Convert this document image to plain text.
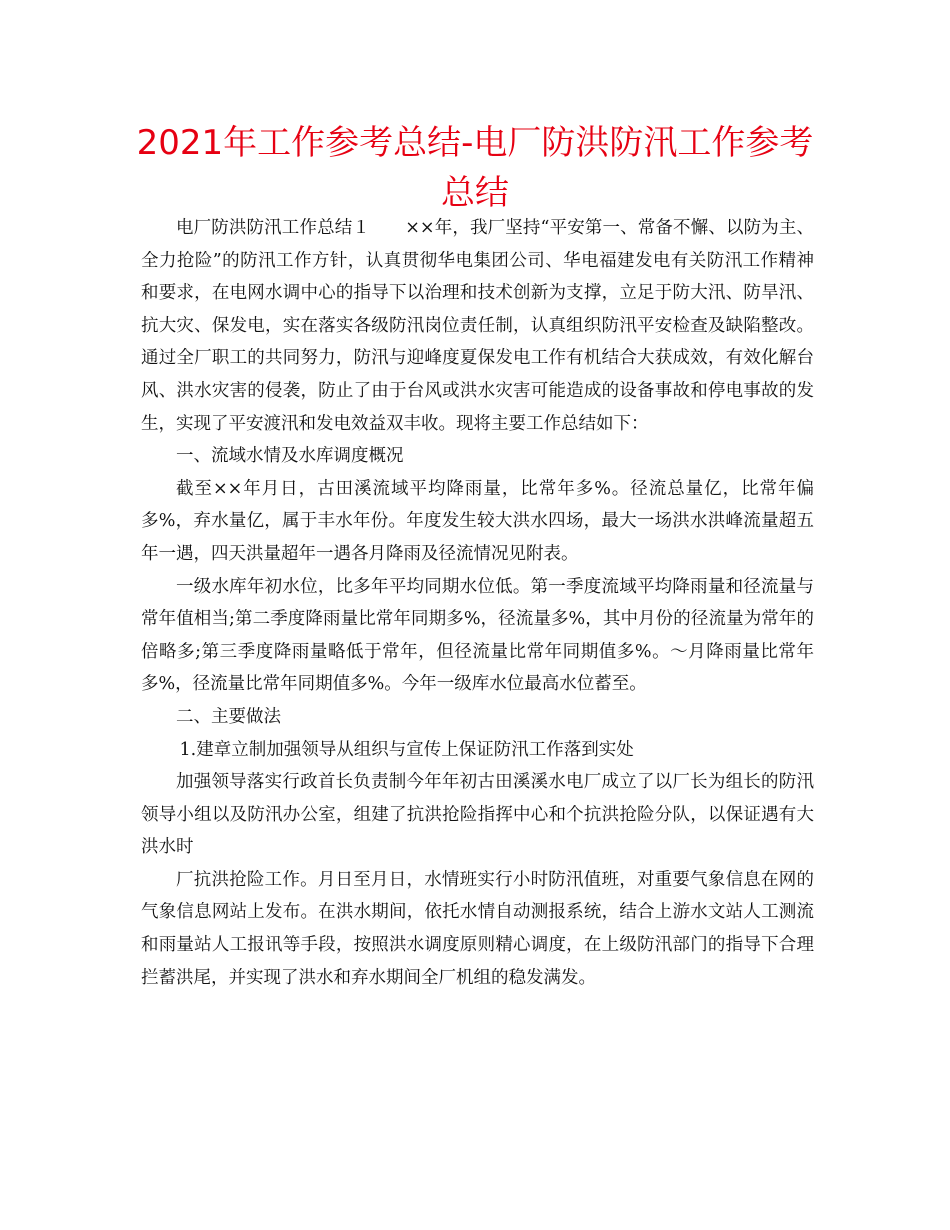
2021年工作参考总结-电厂防洪防汛工作参考总结

电厂防洪防汛工作总结１　　××年，我厂坚持“平安第一、常备不懈、以防为主、全力抢险”的防汛工作方针，认真贯彻华电集团公司、华电福建发电有关防汛工作精神和要求，在电网水调中心的指导下以治理和技术创新为支撑，立足于防大汛、防旱汛、抗大灾、保发电，实在落实各级防汛岗位责任制，认真组织防汛平安检查及缺陷整改。通过全厂职工的共同努力，防汛与迎峰度夏保发电工作有机结合大获成效，有效化解台风、洪水灾害的侵袭，防止了由于台风或洪水灾害可能造成的设备事故和停电事故的发生，实现了平安渡汛和发电效益双丰收。现将主要工作总结如下：

一、流域水情及水库调度概况

截至××年月日，古田溪流域平均降雨量，比常年多%。径流总量亿，比常年偏多%，弃水量亿，属于丰水年份。年度发生较大洪水四场，最大一场洪水洪峰流量超五年一遇，四天洪量超年一遇各月降雨及径流情况见附表。

一级水库年初水位，比多年平均同期水位低。第一季度流域平均降雨量和径流量与常年值相当;第二季度降雨量比常年同期多%，径流量多%，其中月份的径流量为常年的倍略多;第三季度降雨量略低于常年，但径流量比常年同期值多%。～月降雨量比常年多%，径流量比常年同期值多%。今年一级库水位最高水位蓄至。

二、主要做法

1.建章立制加强领导从组织与宣传上保证防汛工作落到实处

加强领导落实行政首长负责制今年年初古田溪溪水电厂成立了以厂长为组长的防汛领导小组以及防汛办公室，组建了抗洪抢险指挥中心和个抗洪抢险分队，以保证遇有大洪水时

厂抗洪抢险工作。月日至月日，水情班实行小时防汛值班，对重要气象信息在网的气象信息网站上发布。在洪水期间，依托水情自动测报系统，结合上游水文站人工测流和雨量站人工报讯等手段，按照洪水调度原则精心调度，在上级防汛部门的指导下合理拦蓄洪尾，并实现了洪水和弃水期间全厂机组的稳发满发。
